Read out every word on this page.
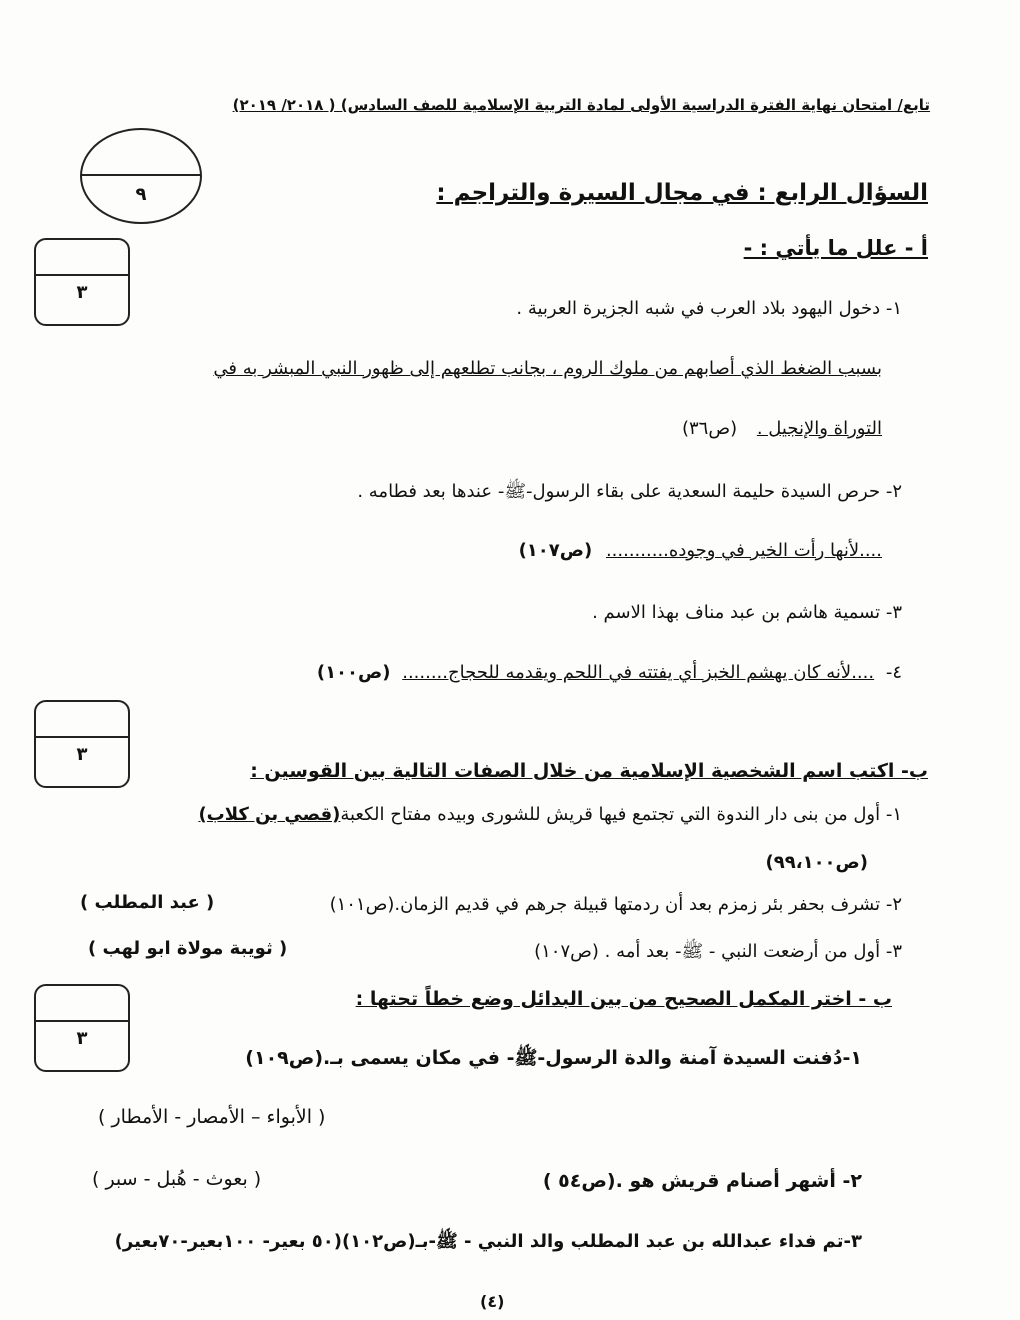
تابع/ امتحان نهاية الفترة الدراسية الأولى لمادة التربية الإسلامية للصف السادس) ( ٢٠١٨/ ٢٠١٩)
٩	السؤال الرابع : في مجال السيرة والتراجم :
٣
أ - علل ما يأتي : -
١- دخول اليهود بلاد العرب في شبه الجزيرة العربية .
بسبب الضغط الذي أصابهم من ملوك الروم ، بجانب تطلعهم إلى ظهور النبي المبشر به في
التوراة والإنجيل . (ص٣٦)
٢- حرص السيدة حليمة السعدية على بقاء الرسول-ﷺ- عندها بعد فطامه .
....لأنها رأت الخير في وجوده........... (ص١٠٧)
٣- تسمية هاشم بن عبد مناف بهذا الاسم .
٤- ....لأنه كان يهشم الخبز أي يفتته في اللحم ويقدمه للحجاج........ (ص١٠٠)
٣
ب- اكتب اسم الشخصية الإسلامية من خلال الصفات التالية بين القوسين :
١- أول من بنى دار الندوة التي تجتمع فيها قريش للشورى وبيده مفتاح الكعبة(قصي بن كلاب)
(ص٩٩،١٠٠)
٢- تشرف بحفر بئر زمزم بعد أن ردمتها قبيلة جرهم في قديم الزمان.(ص١٠١)
( عبد المطلب )
٣- أول من أرضعت النبي - ﷺ- بعد أمه . (ص١٠٧)
( ثويبة مولاة ابو لهب )
٣
ب - اختر المكمل الصحيح من بين البدائل وضع خطاً تحتها :
١-دُفنت السيدة آمنة والدة الرسول-ﷺ- في مكان يسمى بـ.(ص١٠٩)
( الأبواء – الأمصار - الأمطار )
٢- أشهر أصنام قريش هو .(ص٥٤ )
( بعوث - هُبل - سبر )
٣-تم فداء عبدالله بن عبد المطلب والد النبي - ﷺ-بـ(ص١٠٢)(٥٠ بعير- ١٠٠بعير-٧٠بعير)
(٤)
